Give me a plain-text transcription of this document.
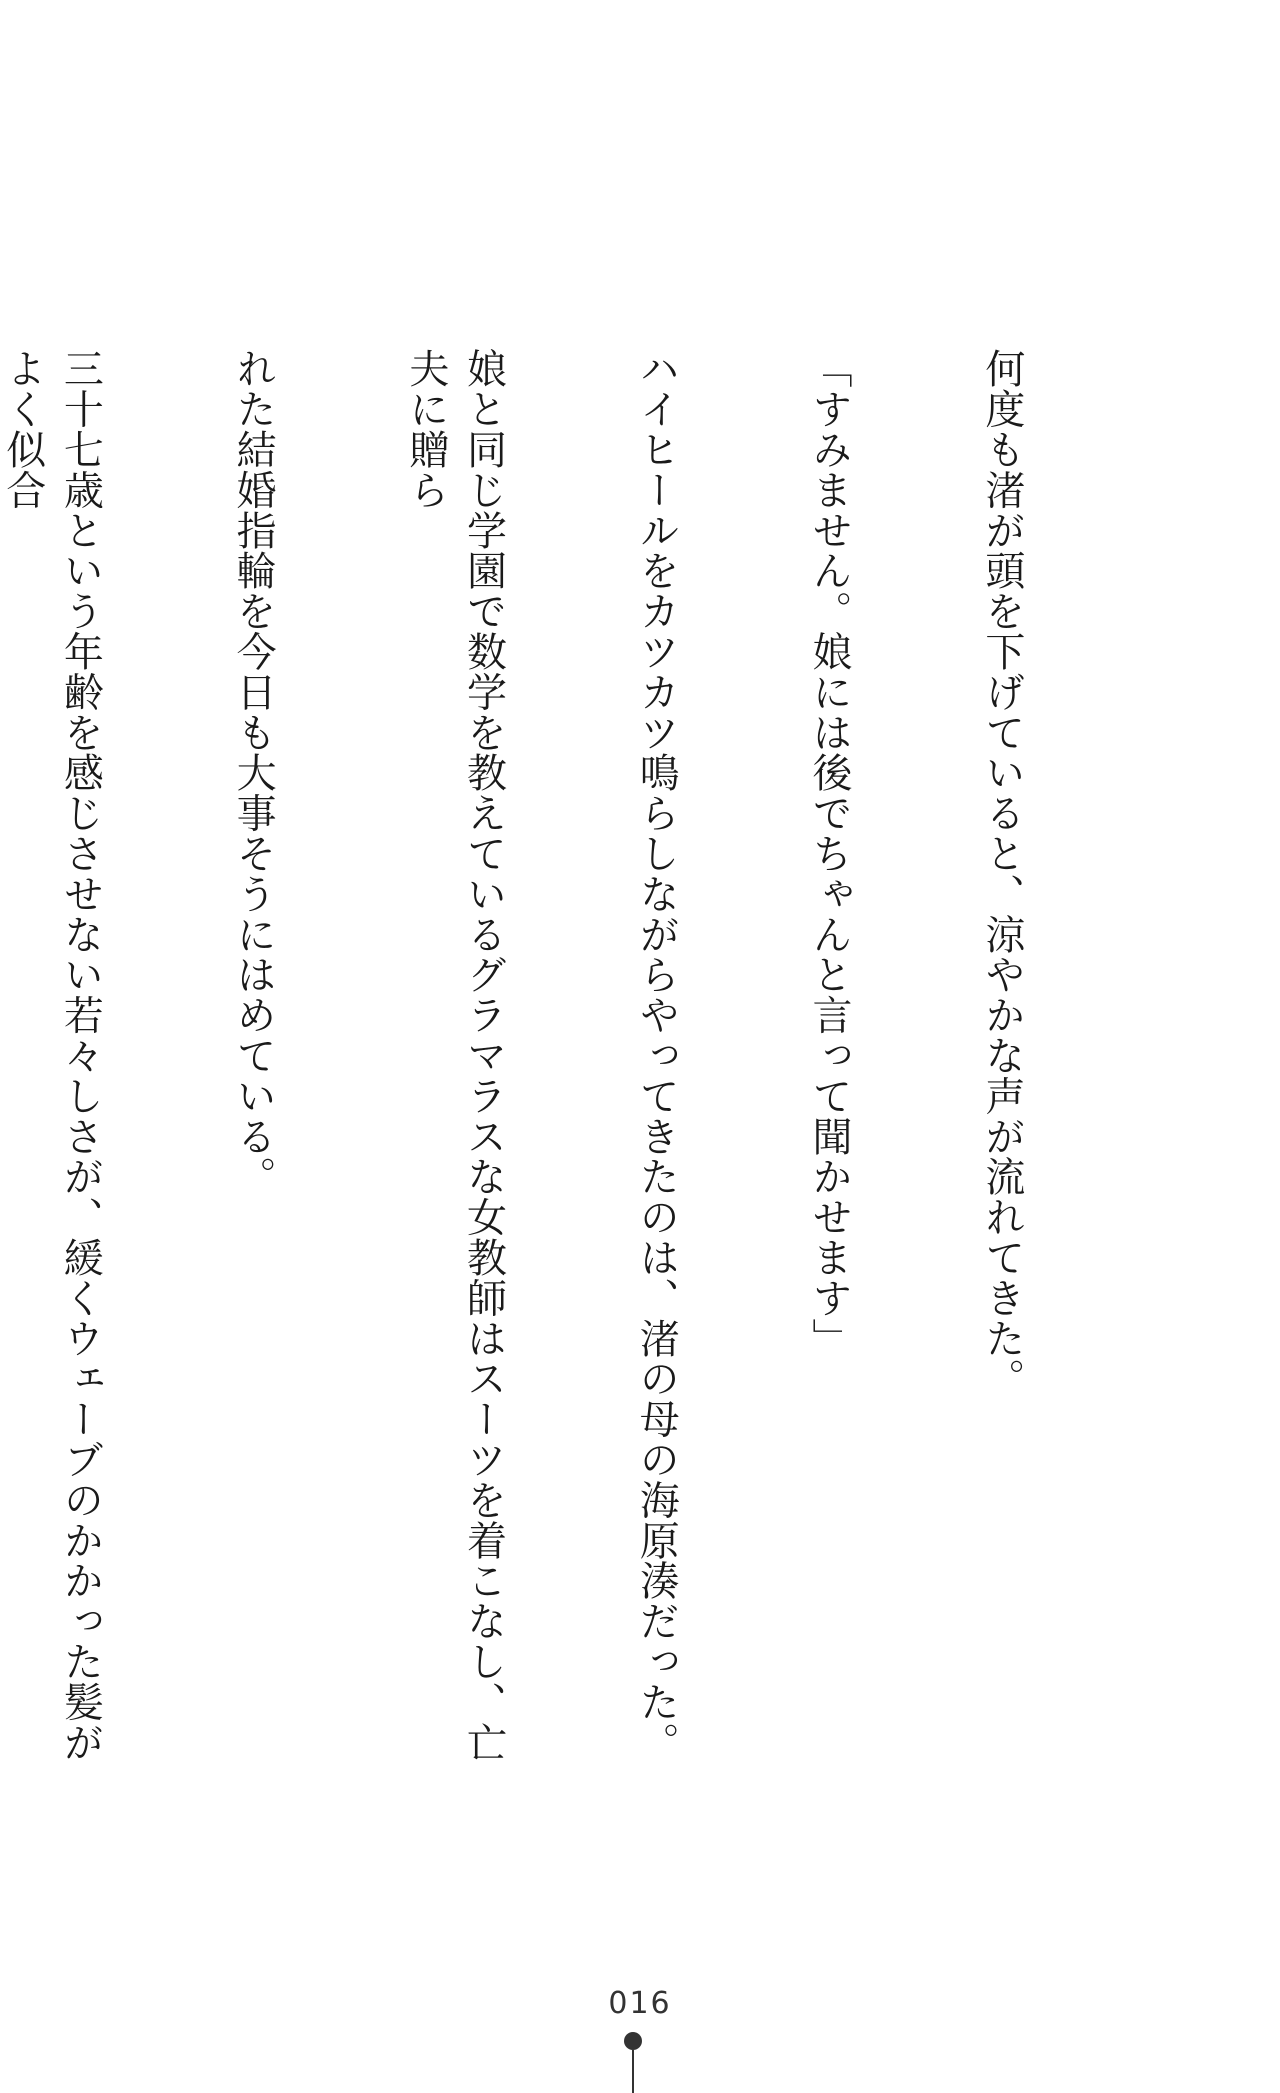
何度も渚が頭を下げていると、涼やかな声が流れてきた。

「すみません。娘には後でちゃんと言って聞かせます」

ハイヒールをカツカツ鳴らしながらやってきたのは、渚の母の海原湊だった。

娘と同じ学園で数学を教えているグラマラスな女教師はスーツを着こなし、亡夫に贈ら

れた結婚指輪を今日も大事そうにはめている。

三十七歳という年齢を感じさせない若々しさが、緩くウェーブのかかった髪がよく似合

016
